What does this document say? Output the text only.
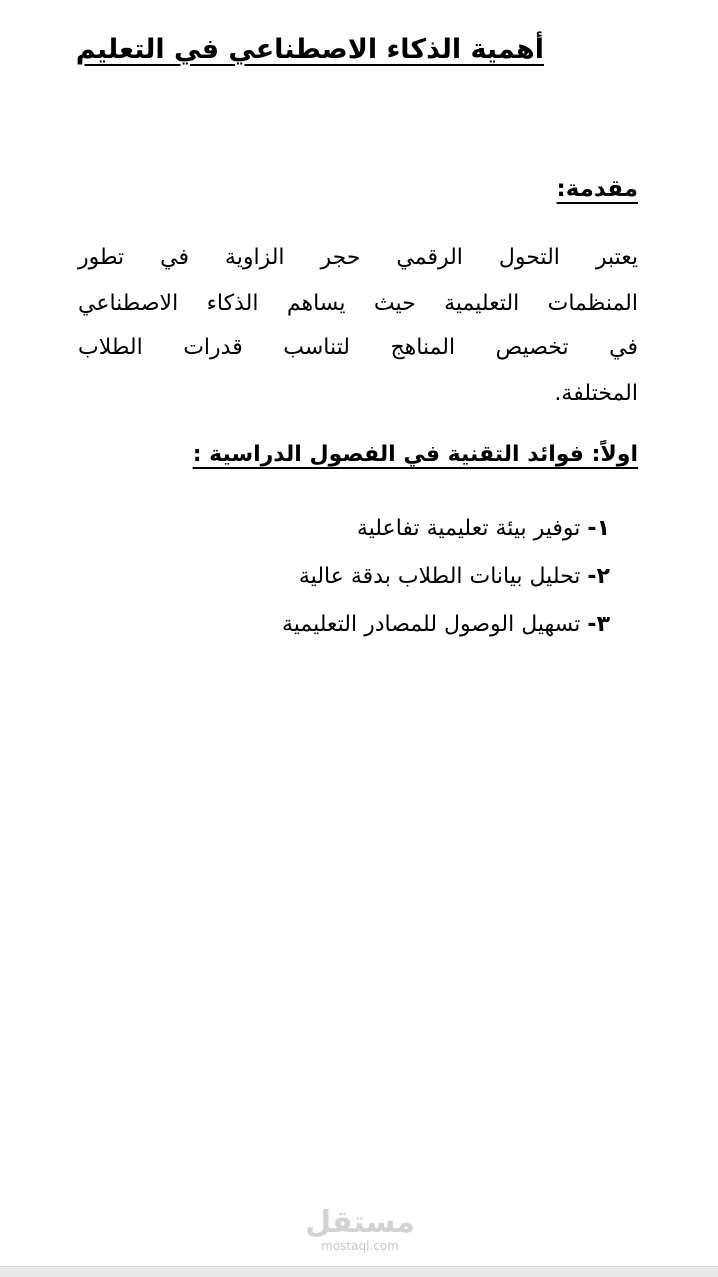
أهمية الذكاء الاصطناعي في التعليم
مقدمة:
يعتبر التحول الرقمي حجر الزاوية في تطور
المنظمات التعليمية حيث يساهم الذكاء الاصطناعي
في تخصيص المناهج لتناسب قدرات الطلاب
المختلفة.
اولاً: فوائد التقنية في الفصول الدراسية :
١- توفير بيئة تعليمية تفاعلية
٢- تحليل بيانات الطلاب بدقة عالية
٣- تسهيل الوصول للمصادر التعليمية
مستقل
mostaql.com
